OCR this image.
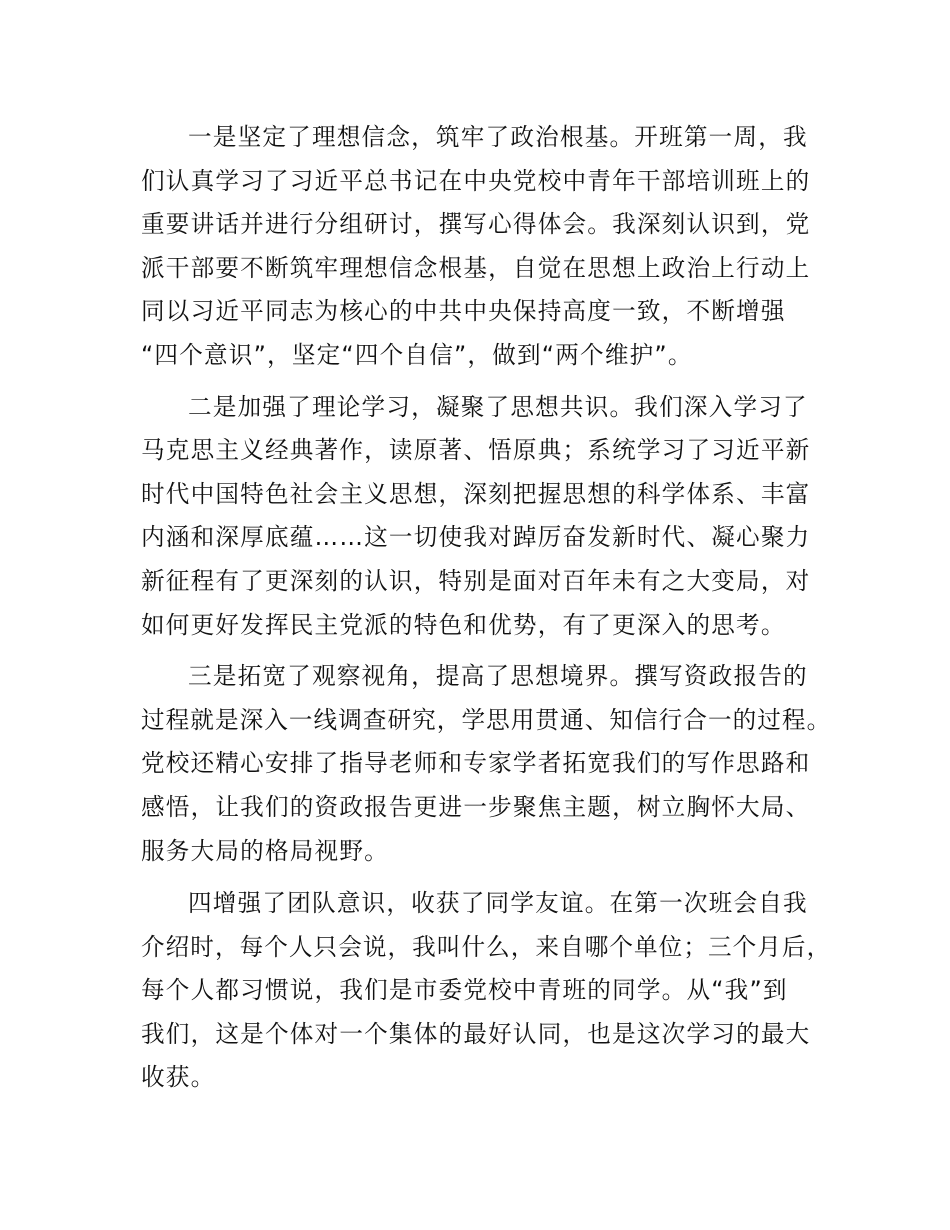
一是坚定了理想信念，筑牢了政治根基。开班第一周，我
们认真学习了习近平总书记在中央党校中青年干部培训班上的
重要讲话并进行分组研讨，撰写心得体会。我深刻认识到，党
派干部要不断筑牢理想信念根基，自觉在思想上政治上行动上
同以习近平同志为核心的中共中央保持高度一致，不断增强
“四个意识”，坚定“四个自信”，做到“两个维护”。

二是加强了理论学习，凝聚了思想共识。我们深入学习了
马克思主义经典著作，读原著、悟原典；系统学习了习近平新
时代中国特色社会主义思想，深刻把握思想的科学体系、丰富
内涵和深厚底蕴……这一切使我对踔厉奋发新时代、凝心聚力
新征程有了更深刻的认识，特别是面对百年未有之大变局，对
如何更好发挥民主党派的特色和优势，有了更深入的思考。

三是拓宽了观察视角，提高了思想境界。撰写资政报告的
过程就是深入一线调查研究，学思用贯通、知信行合一的过程。
党校还精心安排了指导老师和专家学者拓宽我们的写作思路和
感悟，让我们的资政报告更进一步聚焦主题，树立胸怀大局、
服务大局的格局视野。

四增强了团队意识，收获了同学友谊。在第一次班会自我
介绍时，每个人只会说，我叫什么，来自哪个单位；三个月后，
每个人都习惯说，我们是市委党校中青班的同学。从“我”到
我们，这是个体对一个集体的最好认同，也是这次学习的最大
收获。
